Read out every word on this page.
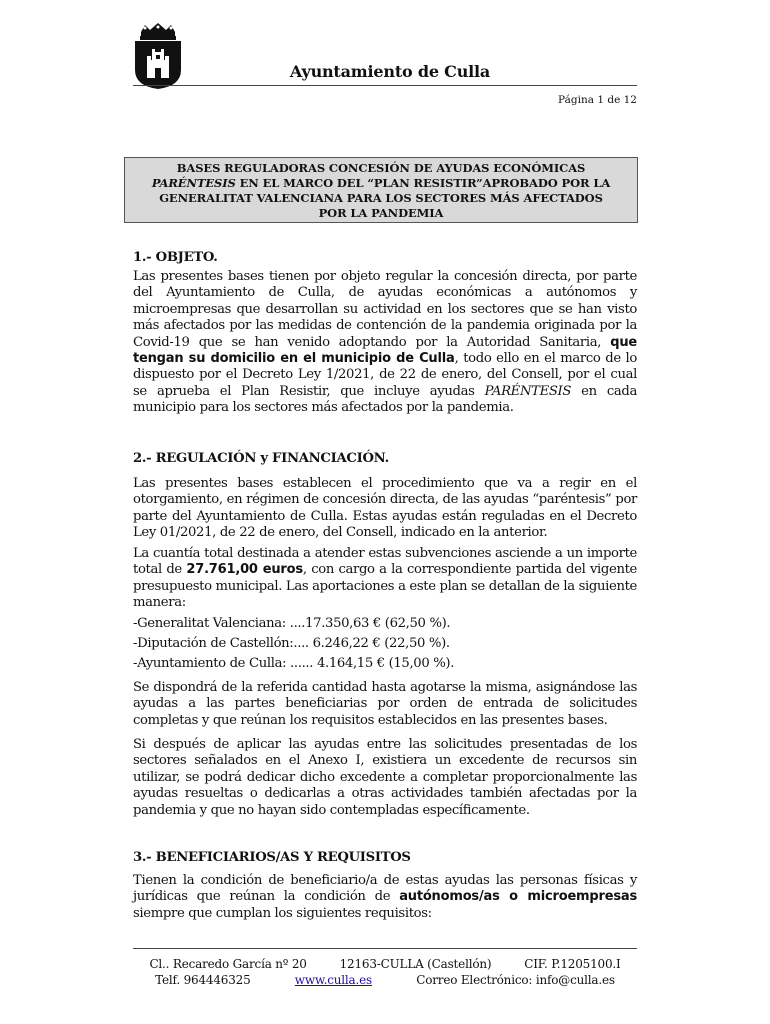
Ayuntamiento de Culla
Página 1 de 12
BASES REGULADORAS CONCESIÓN DE AYUDAS ECONÓMICAS
PARÉNTESIS EN EL MARCO DEL “PLAN RESISTIR”APROBADO POR LA
GENERALITAT VALENCIANA PARA LOS SECTORES MÁS AFECTADOS
POR LA PANDEMIA
1.- OBJETO.
Las presentes bases tienen por objeto regular la concesión directa, por parte del Ayuntamiento de Culla, de ayudas económicas a autónomos y microempresas que desarrollan su actividad en los sectores que se han visto más afectados por las medidas de contención de la pandemia originada por la Covid-19 que se han venido adoptando por la Autoridad Sanitaria, que tengan su domicilio en el municipio de Culla, todo ello en el marco de lo dispuesto por el Decreto Ley 1/2021, de 22 de enero, del Consell, por el cual se aprueba el Plan Resistir, que incluye ayudas PARÉNTESIS en cada municipio para los sectores más afectados por la pandemia.
2.- REGULACIÓN y FINANCIACIÓN.
Las presentes bases establecen el procedimiento que va a regir en el otorgamiento, en régimen de concesión directa, de las ayudas “paréntesis” por parte del Ayuntamiento de Culla. Estas ayudas están reguladas en el Decreto Ley 01/2021, de 22 de enero, del Consell, indicado en la anterior.
La cuantía total destinada a atender estas subvenciones asciende a un importe total de 27.761,00 euros, con cargo a la correspondiente partida del vigente presupuesto municipal. Las aportaciones a este plan se detallan de la siguiente manera:
-Generalitat Valenciana: ....17.350,63 € (62,50 %).
-Diputación de Castellón:.... 6.246,22 € (22,50 %).
-Ayuntamiento de Culla: ...... 4.164,15 € (15,00 %).
Se dispondrá de la referida cantidad hasta agotarse la misma, asignándose las ayudas a las partes beneficiarias por orden de entrada de solicitudes completas y que reúnan los requisitos establecidos en las presentes bases.
Si después de aplicar las ayudas entre las solicitudes presentadas de los sectores señalados en el Anexo I, existiera un excedente de recursos sin utilizar, se podrá dedicar dicho excedente a completar proporcionalmente las ayudas resueltas o dedicarlas a otras actividades también afectadas por la pandemia y que no hayan sido contempladas específicamente.
3.- BENEFICIARIOS/AS Y REQUISITOS
Tienen la condición de beneficiario/a de estas ayudas las personas físicas y jurídicas que reúnan la condición de autónomos/as o microempresas siempre que cumplan los siguientes requisitos:
Cl.. Recaredo García nº 20	12163-CULLA (Castellón)	CIF. P.1205100.I
Telf. 964446325	www.culla.es	Correo Electrónico: info@culla.es
